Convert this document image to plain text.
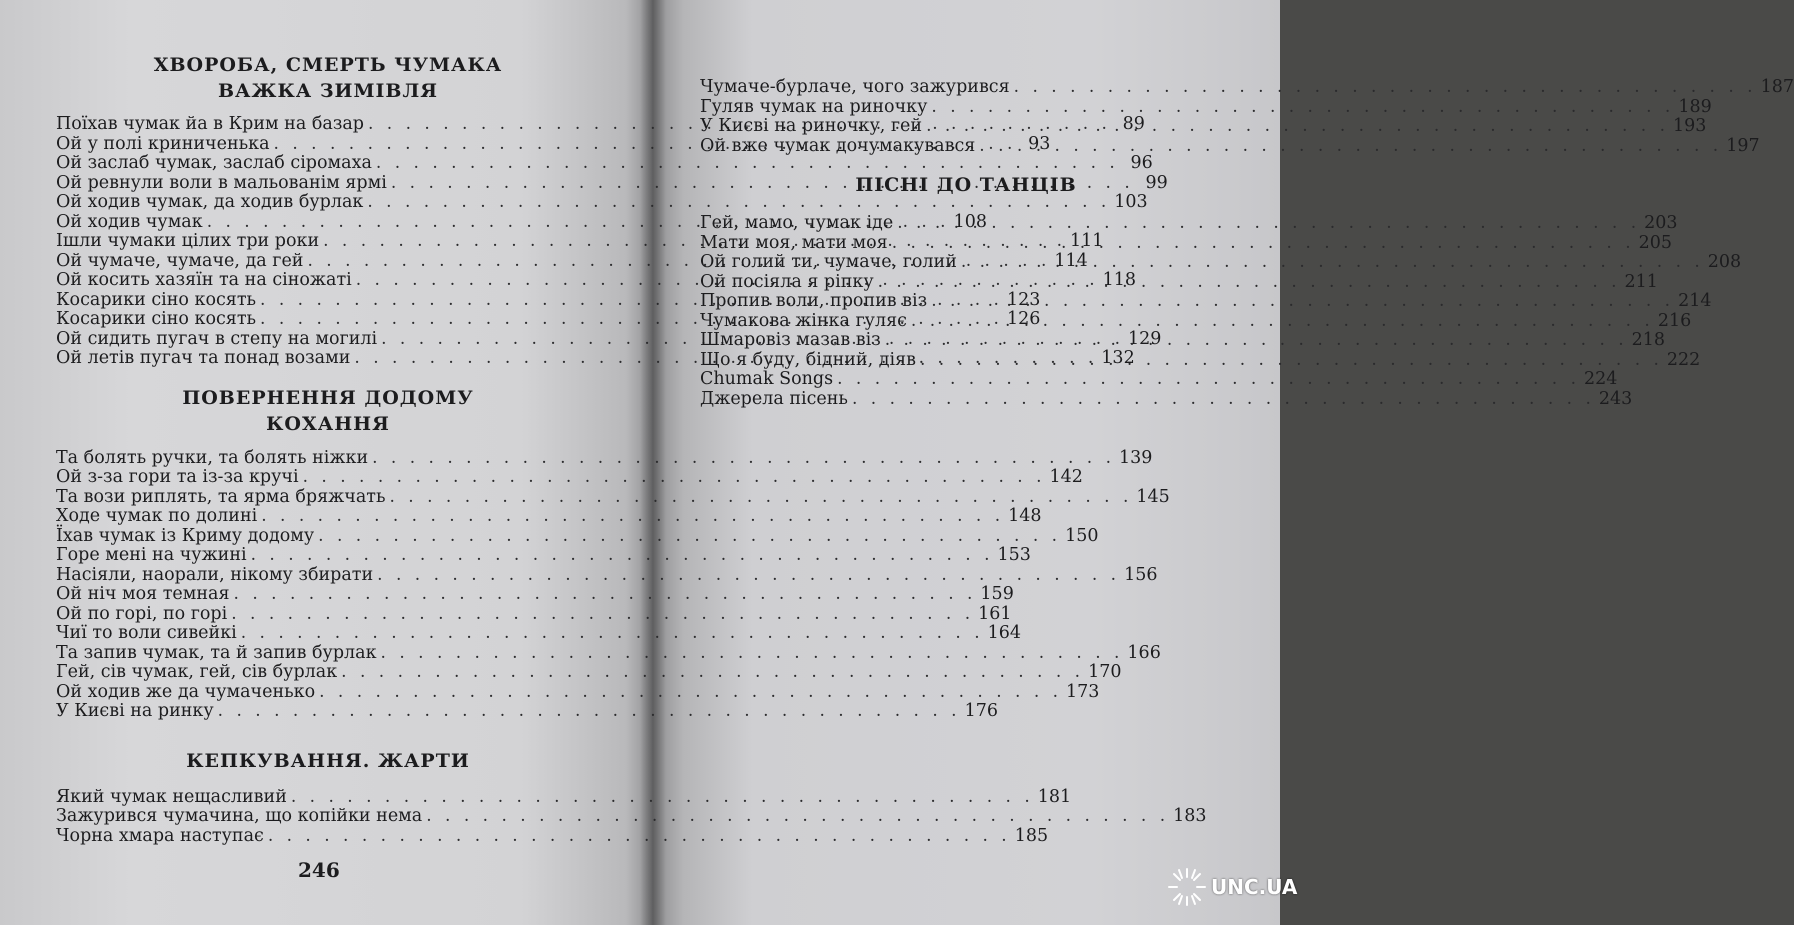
ХВОРОБА, СМЕРТЬ ЧУМАКА
ВАЖКА ЗИМІВЛЯ
Поїхав чумак йа в Крим на базар . . .	89
Ой у полі криниченька . . .	93
Ой заслаб чумак, заслаб сіромаха . . .	96
Ой ревнули воли в мальованім ярмі . . .	99
Ой ходив чумак, да ходив бурлак . . .	103
Ой ходив чумак . . .	108
Ішли чумаки цілих три роки . . .	111
Ой чумаче, чумаче, да гей . . .	114
Ой косить хазяїн та на сіножаті . . .	118
Косарики сіно косять . . .	123
Косарики сіно косять . . .	126
Ой сидить пугач в степу на могилі . . .	129
Ой летів пугач та понад возами . . .	132
ПОВЕРНЕННЯ ДОДОМУ
КОХАННЯ
Та болять ручки, та болять ніжки . . .	139
Ой з-за гори та із-за кручі . . .	142
Та вози риплять, та ярма бряжчать . . .	145
Ходе чумак по долині . . .	148
Їхав чумак із Криму додому . . .	150
Горе мені на чужині . . .	153
Насіяли, наорали, нікому збирати . . .	156
Ой ніч моя темная . . .	159
Ой по горі, по горі . . .	161
Чиї то воли сивейкі . . .	164
Та запив чумак, та й запив бурлак . . .	166
Гей, сів чумак, гей, сів бурлак . . .	170
Ой ходив же да чумаченько . . .	173
У Києві на ринку . . .	176
КЕПКУВАННЯ. ЖАРТИ
Який чумак нещасливий . . .	181
Зажурився чумачина, що копійки нема . . .	183
Чорна хмара наступає . . .	185
246
Чумаче-бурлаче, чого зажурився . . .	187
Гуляв чумак на риночку . . .	189
У Києві на риночку, гей . . .	193
Ой вже чумак дочумакувався . . .	197
ПІСНІ ДО ТАНЦІВ
Гей, мамо, чумак іде . . .	203
Мати моя, мати моя . . .	205
Ой голий ти, чумаче, голий . . .	208
Ой посіяла я ріпку . . .	211
Пропив воли, пропив віз . . .	214
Чумакова жінка гуляє . . .	216
Шмаровіз мазав віз . . .	218
Що я буду, бідний, діяв . . .	222
Chumak Songs . . .	224
Джерела пісень . . .	243
UNC.UA
